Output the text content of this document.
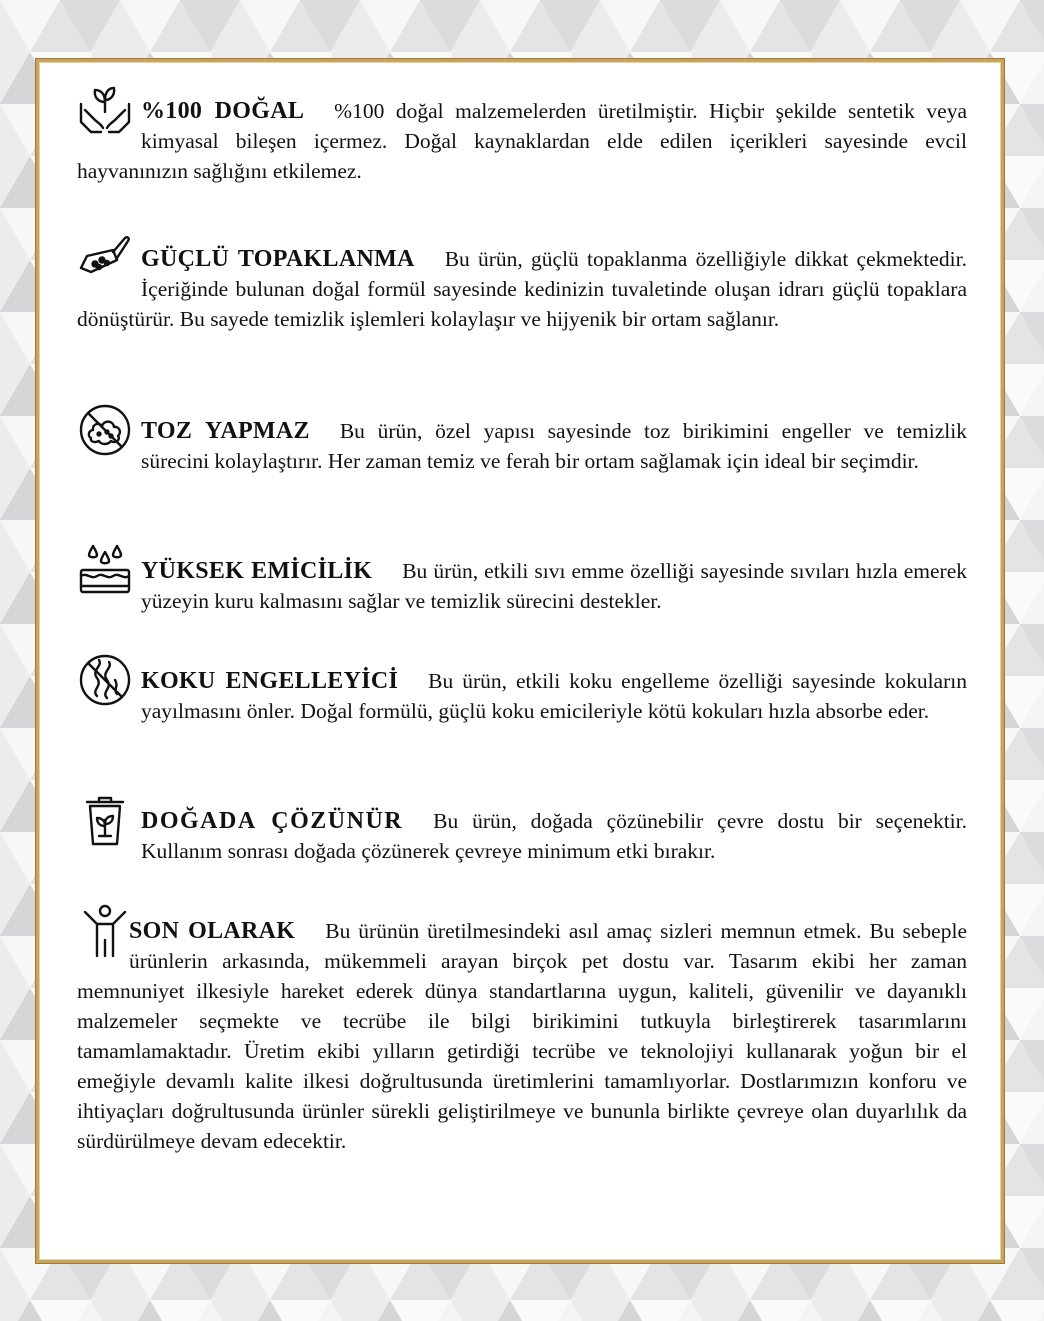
%100 DOĞAL %100 doğal malzemelerden üretilmiştir. Hiçbir şekilde sentetik veya kimyasal bileşen içermez. Doğal kaynaklardan elde edilen içerikleri sayesinde evcil hayvanınızın sağlığını etkilemez.

GÜÇLÜ TOPAKLANMA Bu ürün, güçlü topaklanma özelliğiyle dikkat çekmektedir. İçeriğinde bulunan doğal formül sayesinde kedinizin tuvaletinde oluşan idrarı güçlü topaklara dönüştürür. Bu sayede temizlik işlemleri kolaylaşır ve hijyenik bir ortam sağlanır.

TOZ YAPMAZ Bu ürün, özel yapısı sayesinde toz birikimini engeller ve temizlik sürecini kolaylaştırır. Her zaman temiz ve ferah bir ortam sağlamak için ideal bir seçimdir.

YÜKSEK EMİCİLİK Bu ürün, etkili sıvı emme özelliği sayesinde sıvıları hızla emerek yüzeyin kuru kalmasını sağlar ve temizlik sürecini destekler.

KOKU ENGELLEYİCİ Bu ürün, etkili koku engelleme özelliği sayesinde kokuların yayılmasını önler. Doğal formülü, güçlü koku emicileriyle kötü kokuları hızla absorbe eder.

DOĞADA ÇÖZÜNÜR Bu ürün, doğada çözünebilir çevre dostu bir seçenektir. Kullanım sonrası doğada çözünerek çevreye minimum etki bırakır.

SON OLARAK Bu ürünün üretilmesindeki asıl amaç sizleri memnun etmek. Bu sebeple ürünlerin arkasında, mükemmeli arayan birçok pet dostu var. Tasarım ekibi her zaman memnuniyet ilkesiyle hareket ederek dünya standartlarına uygun, kaliteli, güvenilir ve dayanıklı malzemeler seçmekte ve tecrübe ile bilgi birikimini tutkuyla birleştirerek tasarımlarını tamamlamaktadır. Üretim ekibi yılların getirdiği tecrübe ve teknolojiyi kullanarak yoğun bir el emeğiyle devamlı kalite ilkesi doğrultusunda üretimlerini tamamlıyorlar. Dostlarımızın konforu ve ihtiyaçları doğrultusunda ürünler sürekli geliştirilmeye ve bununla birlikte çevreye olan duyarlılık da sürdürülmeye devam edecektir.
